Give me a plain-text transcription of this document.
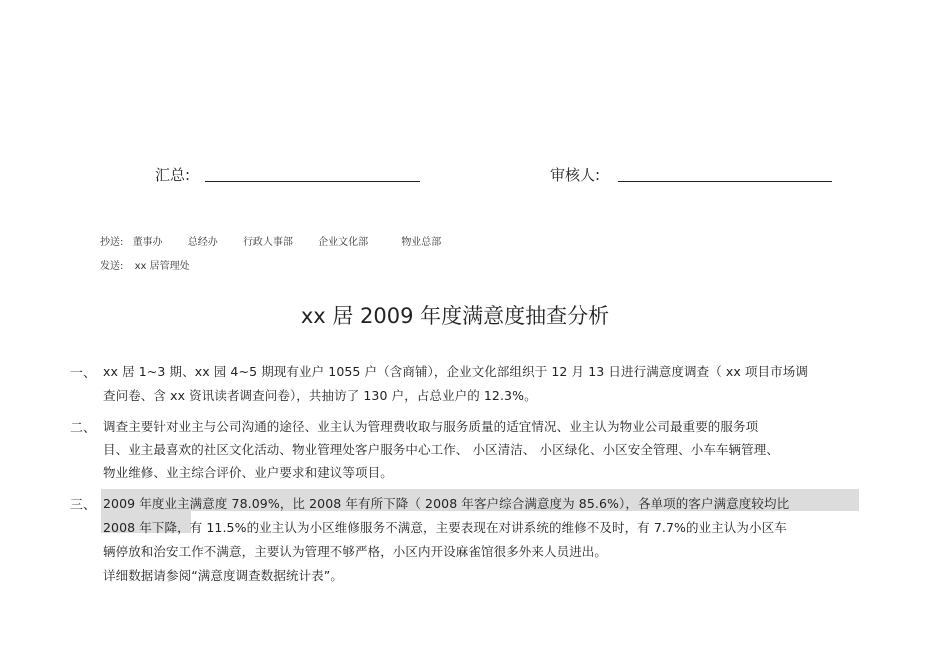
汇总:	审核人:
抄送: 董事办	总经办	行政人事部	企业文化部	物业总部
发送: xx 居管理处
xx 居 2009 年度满意度抽查分析
一、 xx 居 1~3 期、xx 园 4~5 期现有业户 1055 户（含商铺），企业文化部组织于 12 月 13 日进行满意度调查（ xx 项目市场调
查问卷、含 xx 资讯读者调查问卷），共抽访了 130 户，占总业户的 12.3%。
二、 调查主要针对业主与公司沟通的途径、业主认为管理费收取与服务质量的适宜情况、业主认为物业公司最重要的服务项
目、业主最喜欢的社区文化活动、物业管理处客户服务中心工作、 小区清洁、 小区绿化、小区安全管理、小车车辆管理、
物业维修、业主综合评价、业户要求和建议等项目。
三、 2009 年度业主满意度 78.09%，比 2008 年有所下降（ 2008 年客户综合满意度为 85.6%），各单项的客户满意度较均比
2008 年下降，有 11.5%的业主认为小区维修服务不满意，主要表现在对讲系统的维修不及时，有 7.7%的业主认为小区车
辆停放和治安工作不满意，主要认为管理不够严格，小区内开设麻雀馆很多外来人员进出。
详细数据请参阅“满意度调查数据统计表”。
